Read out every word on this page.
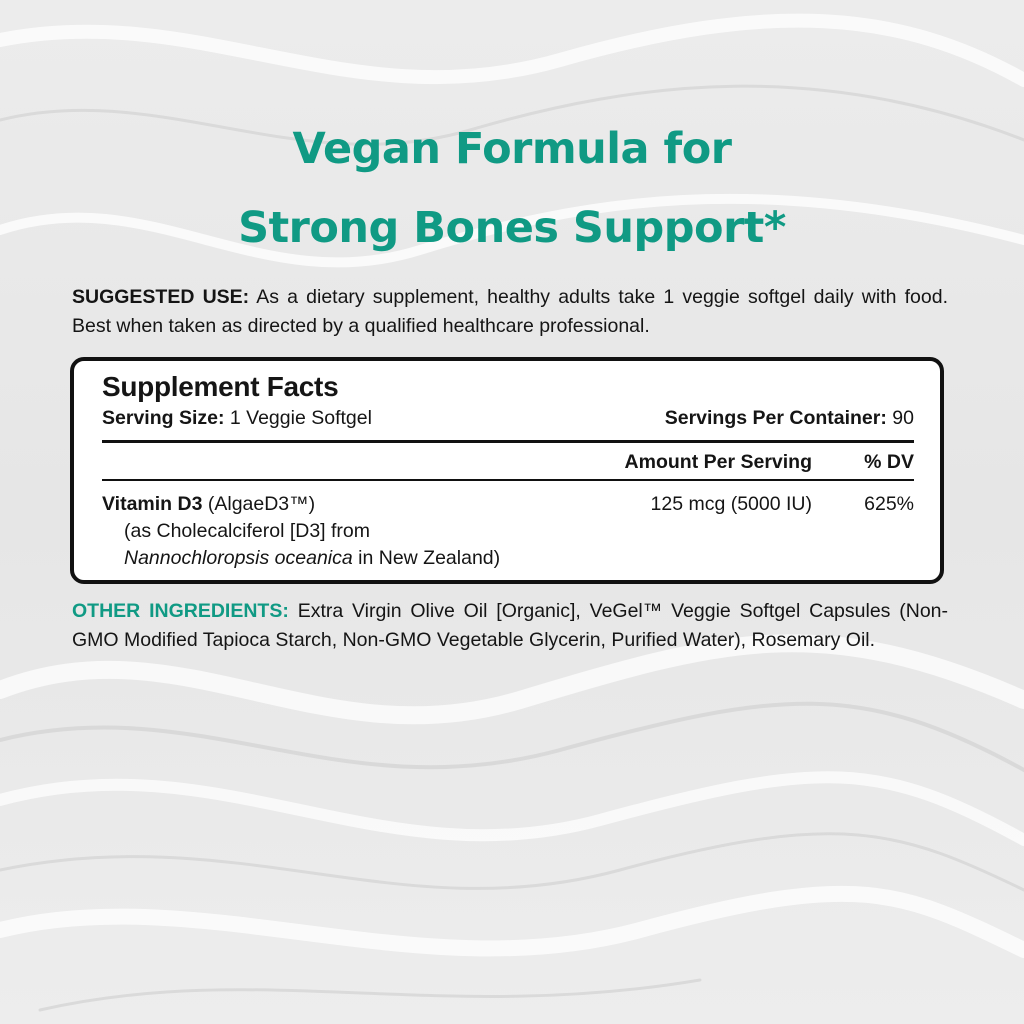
Vegan Formula for
Strong Bones Support*
SUGGESTED USE: As a dietary supplement, healthy adults take 1 veggie softgel daily with food. Best when taken as directed by a qualified healthcare professional.
Supplement Facts
Serving Size: 1 Veggie Softgel	Servings Per Container: 90
Amount Per Serving	% DV
Vitamin D3 (AlgaeD3™)
(as Cholecalciferol [D3] from
Nannochloropsis oceanica in New Zealand)
125 mcg (5000 IU)	625%
OTHER INGREDIENTS: Extra Virgin Olive Oil [Organic], VeGel™ Veggie Softgel Capsules (Non-GMO Modified Tapioca Starch, Non-GMO Vegetable Glycerin, Purified Water), Rosemary Oil.
